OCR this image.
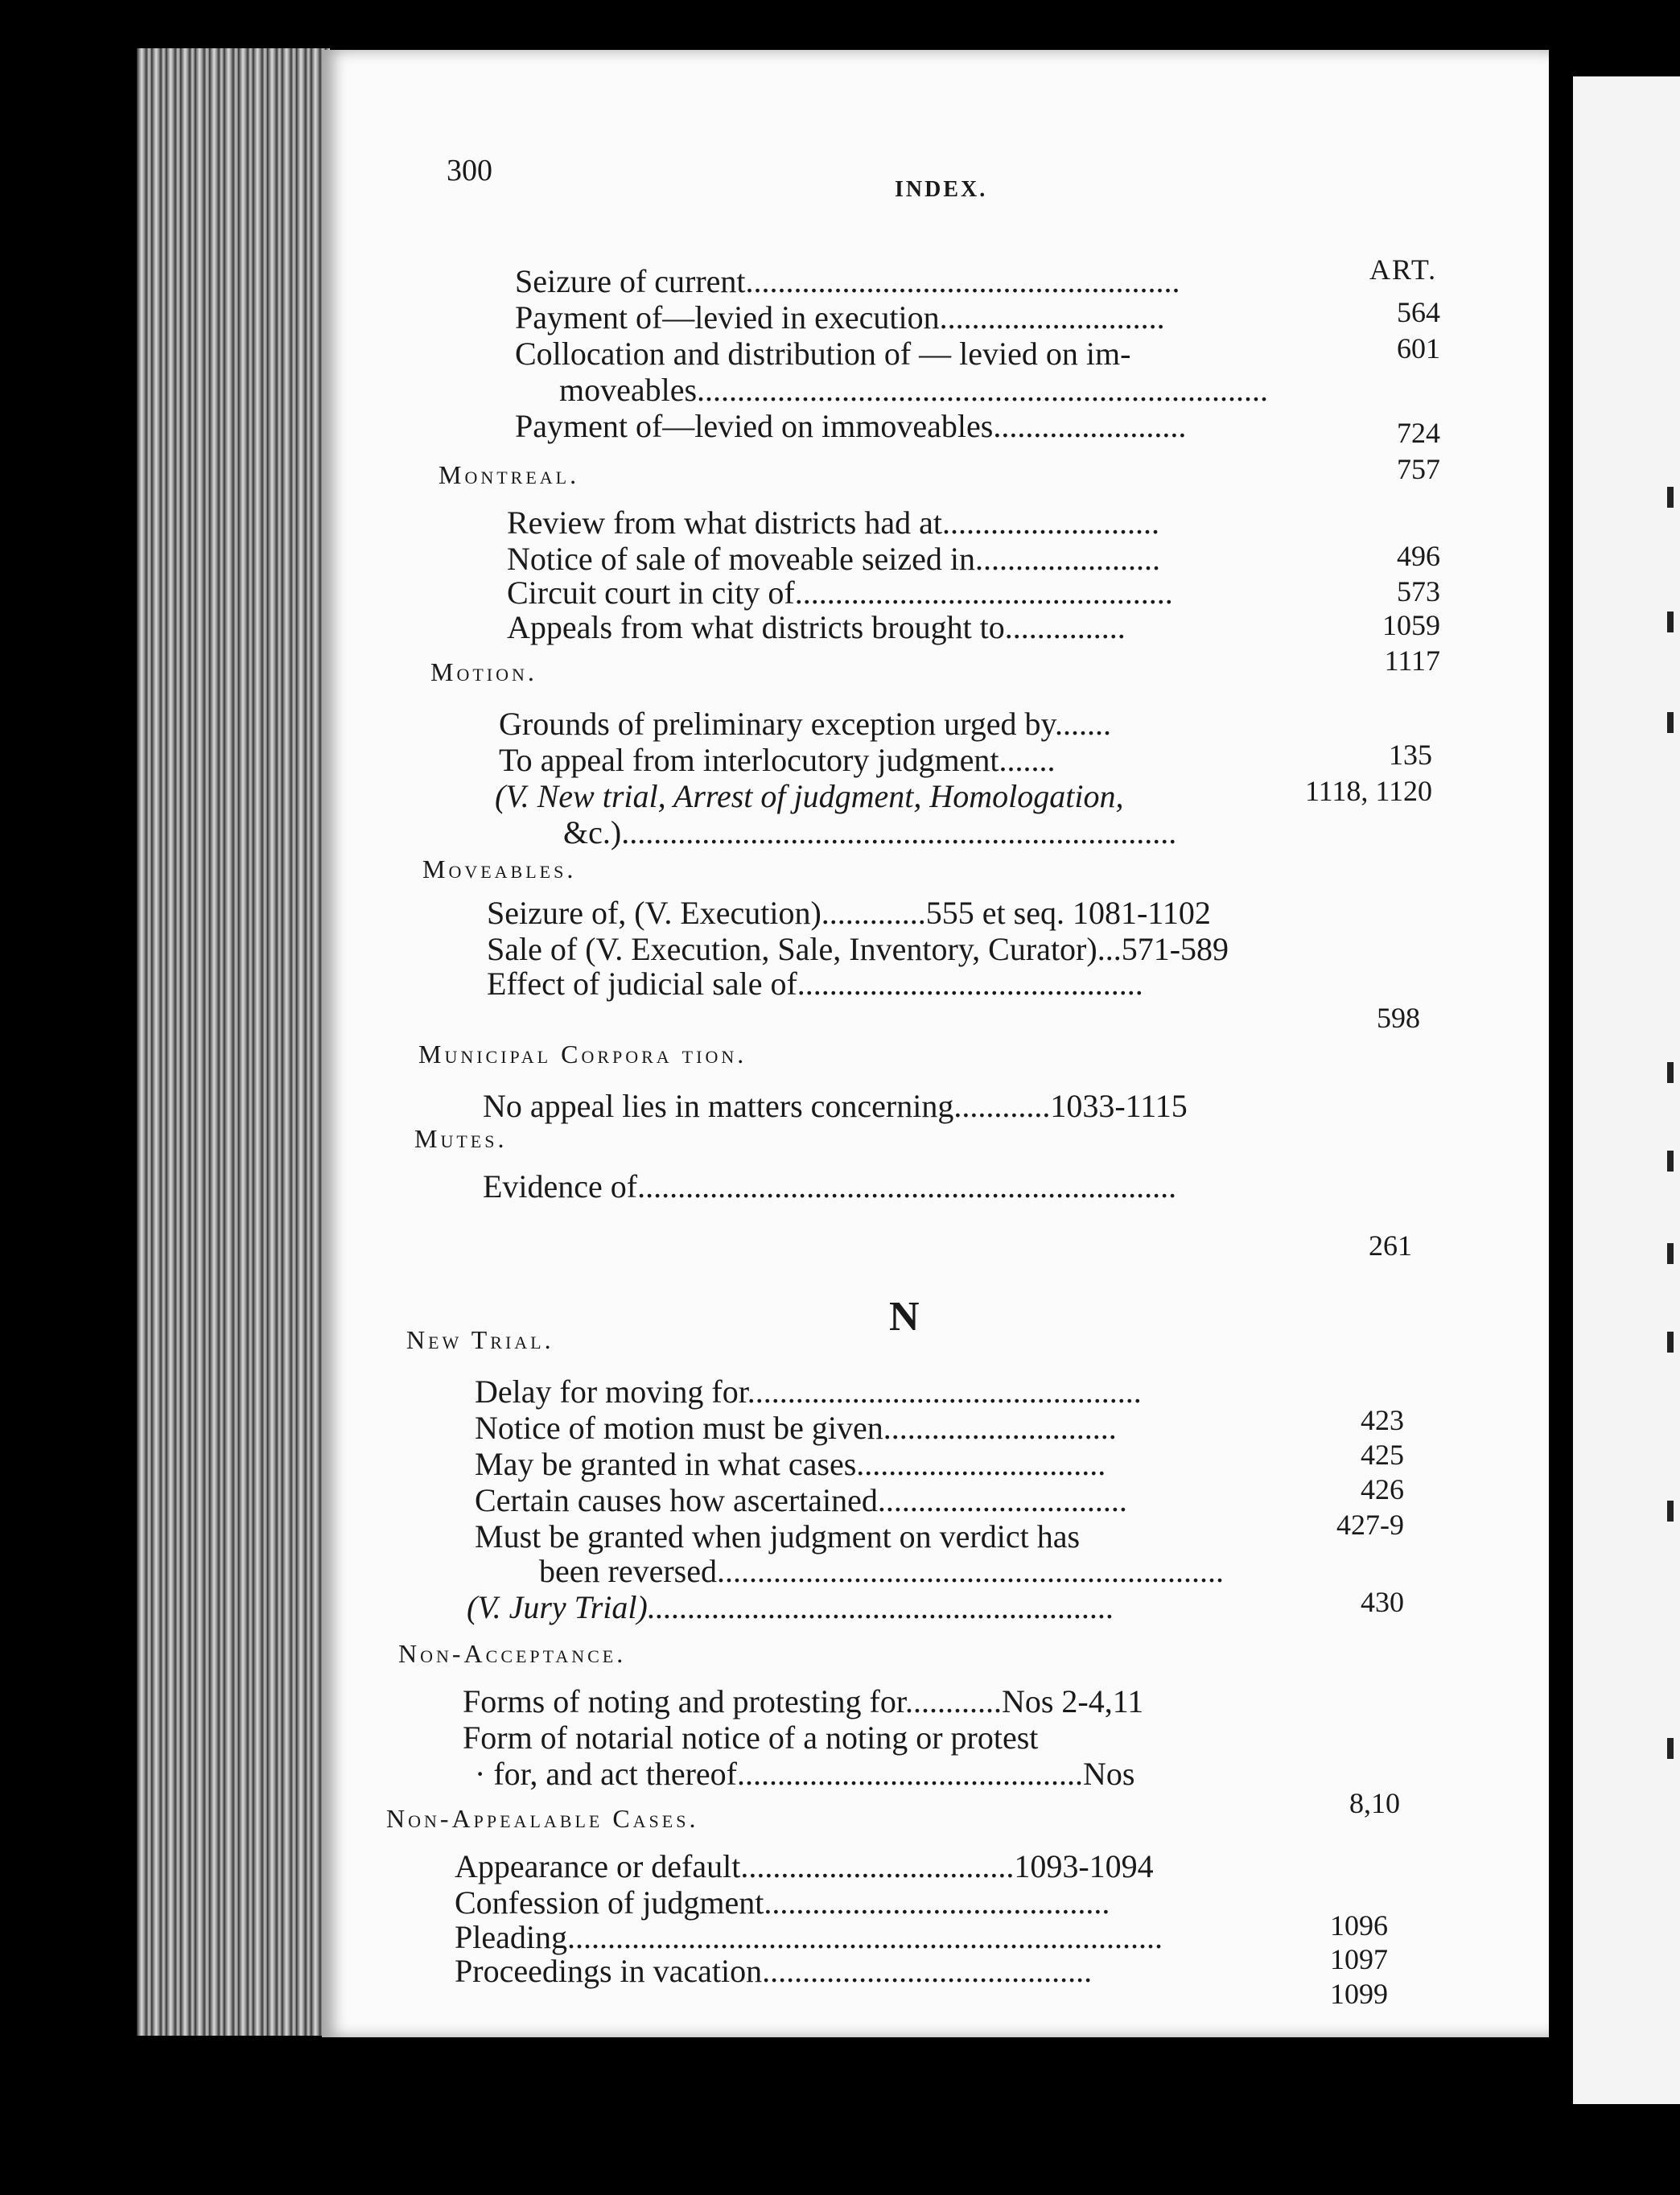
300
INDEX.
ART.
Seizure of current......................................................
564
Payment of—levied in execution............................
601
Collocation and distribution of — levied on im-
moveables.......................................................................
724
Payment of—levied on immoveables........................
757
Montreal.
Review from what districts had at...........................
496
Notice of sale of moveable seized in.......................
573
Circuit court in city of...............................................
1059
Appeals from what districts brought to...............
1117
Motion.
Grounds of preliminary exception urged by.......
135
To appeal from interlocutory judgment.......
1118, 1120
(V. New trial, Arrest of judgment, Homologation,
&c.).....................................................................
Moveables.
Seizure of, (V. Execution).............555 et seq. 1081-1102
Sale of (V. Execution, Sale, Inventory, Curator)...571-589
Effect of judicial sale of...........................................
598
Municipal Corpora tion.
No appeal lies in matters concerning............1033-1115
Mutes.
Evidence of...................................................................
261
N
New Trial.
Delay for moving for.................................................
423
Notice of motion must be given.............................
425
May be granted in what cases...............................
426
Certain causes how ascertained...............................
427-9
Must be granted when judgment on verdict has
been reversed...............................................................
430
(V. Jury Trial)..........................................................
Non-Acceptance.
Forms of noting and protesting for............Nos 2-4,11
Form of notarial notice of a noting or protest
· for, and act thereof...........................................Nos
8,10
Non-Appealable Cases.
Appearance or default..................................1093-1094
Confession of judgment...........................................
1096
Pleading..........................................................................
1097
Proceedings in vacation.........................................
1099
